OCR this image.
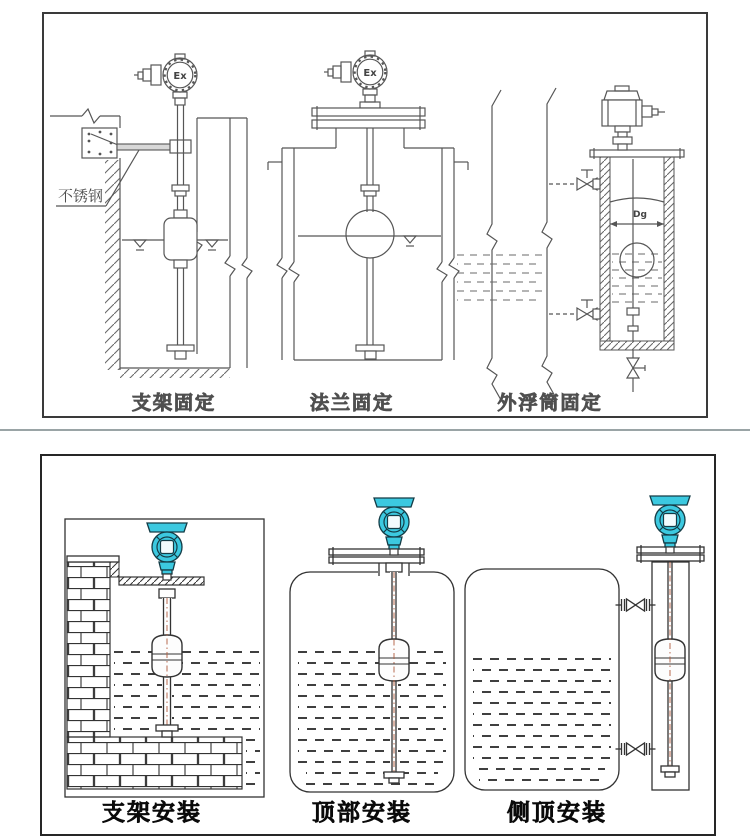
Ex
不锈钢
支架固定
Ex
法兰固定
Dg
外浮筒固定
支架安装	顶部安装	侧顶安装
